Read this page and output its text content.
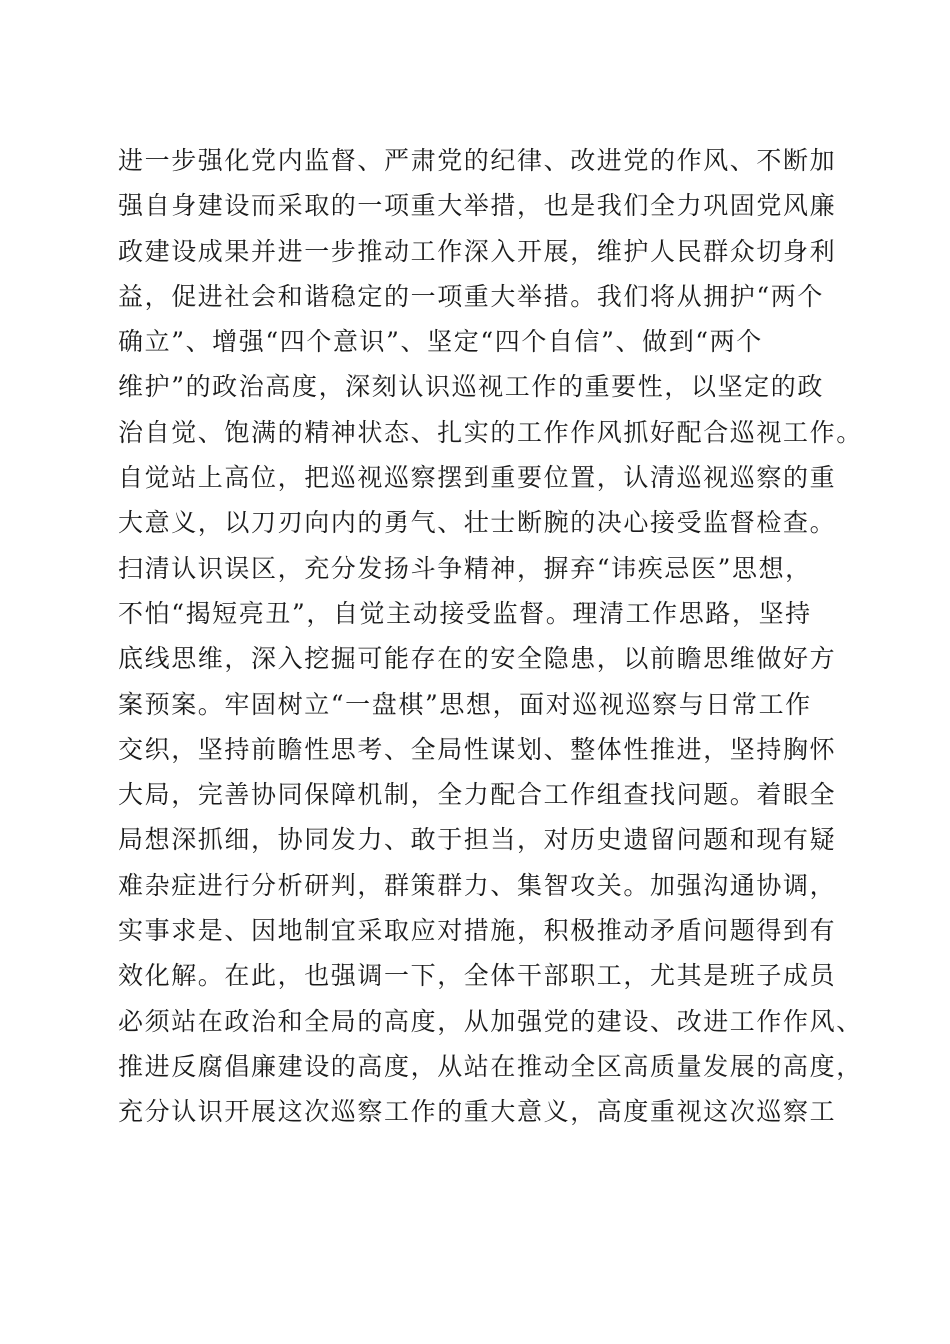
进一步强化党内监督、严肃党的纪律、改进党的作风、不断加
强自身建设而采取的一项重大举措，也是我们全力巩固党风廉
政建设成果并进一步推动工作深入开展，维护人民群众切身利
益，促进社会和谐稳定的一项重大举措。我们将从拥护“两个
确立”、增强“四个意识”、坚定“四个自信”、做到“两个
维护”的政治高度，深刻认识巡视工作的重要性，以坚定的政
治自觉、饱满的精神状态、扎实的工作作风抓好配合巡视工作。
自觉站上高位，把巡视巡察摆到重要位置，认清巡视巡察的重
大意义，以刀刃向内的勇气、壮士断腕的决心接受监督检查。
扫清认识误区，充分发扬斗争精神，摒弃“讳疾忌医”思想，
不怕“揭短亮丑”，自觉主动接受监督。理清工作思路，坚持
底线思维，深入挖掘可能存在的安全隐患，以前瞻思维做好方
案预案。牢固树立“一盘棋”思想，面对巡视巡察与日常工作
交织，坚持前瞻性思考、全局性谋划、整体性推进，坚持胸怀
大局，完善协同保障机制，全力配合工作组查找问题。着眼全
局想深抓细，协同发力、敢于担当，对历史遗留问题和现有疑
难杂症进行分析研判，群策群力、集智攻关。加强沟通协调，
实事求是、因地制宜采取应对措施，积极推动矛盾问题得到有
效化解。在此，也强调一下，全体干部职工，尤其是班子成员
必须站在政治和全局的高度，从加强党的建设、改进工作作风、
推进反腐倡廉建设的高度，从站在推动全区高质量发展的高度，
充分认识开展这次巡察工作的重大意义，高度重视这次巡察工
